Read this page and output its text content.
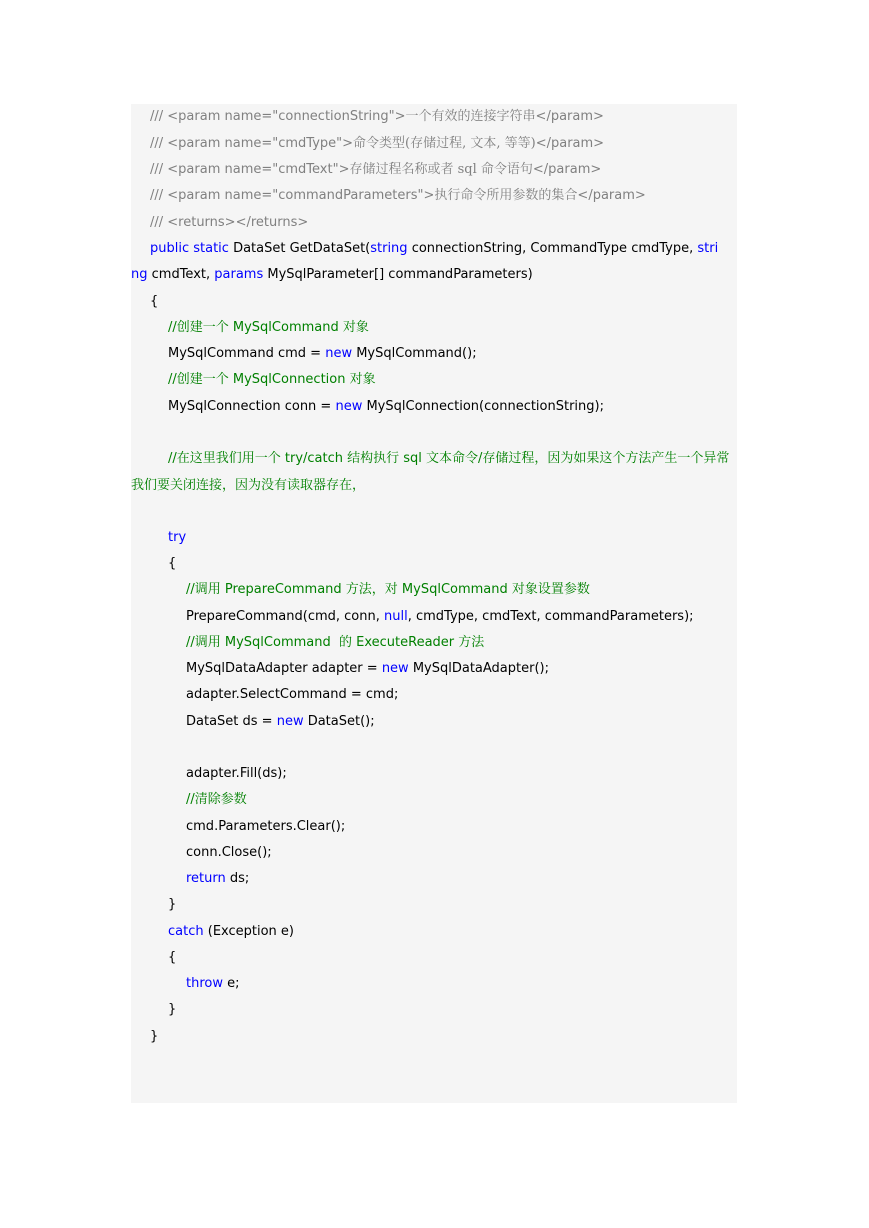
/// <param name="connectionString">一个有效的连接字符串</param>
/// <param name="cmdType">命令类型(存储过程, 文本, 等等)</param>
/// <param name="cmdText">存储过程名称或者 sql 命令语句</param>
/// <param name="commandParameters">执行命令所用参数的集合</param>
/// <returns></returns>
public static DataSet GetDataSet(string connectionString, CommandType cmdType, stri
ng cmdText, params MySqlParameter[] commandParameters)
{
//创建一个 MySqlCommand 对象
MySqlCommand cmd = new MySqlCommand();
//创建一个 MySqlConnection 对象
MySqlConnection conn = new MySqlConnection(connectionString);
//在这里我们用一个 try/catch 结构执行 sql 文本命令/存储过程，因为如果这个方法产生一个异常
我们要关闭连接，因为没有读取器存在，
try
{
//调用 PrepareCommand 方法，对 MySqlCommand 对象设置参数
PrepareCommand(cmd, conn, null, cmdType, cmdText, commandParameters);
//调用 MySqlCommand  的 ExecuteReader 方法
MySqlDataAdapter adapter = new MySqlDataAdapter();
adapter.SelectCommand = cmd;
DataSet ds = new DataSet();
adapter.Fill(ds);
//清除参数
cmd.Parameters.Clear();
conn.Close();
return ds;
}
catch (Exception e)
{
throw e;
}
}
